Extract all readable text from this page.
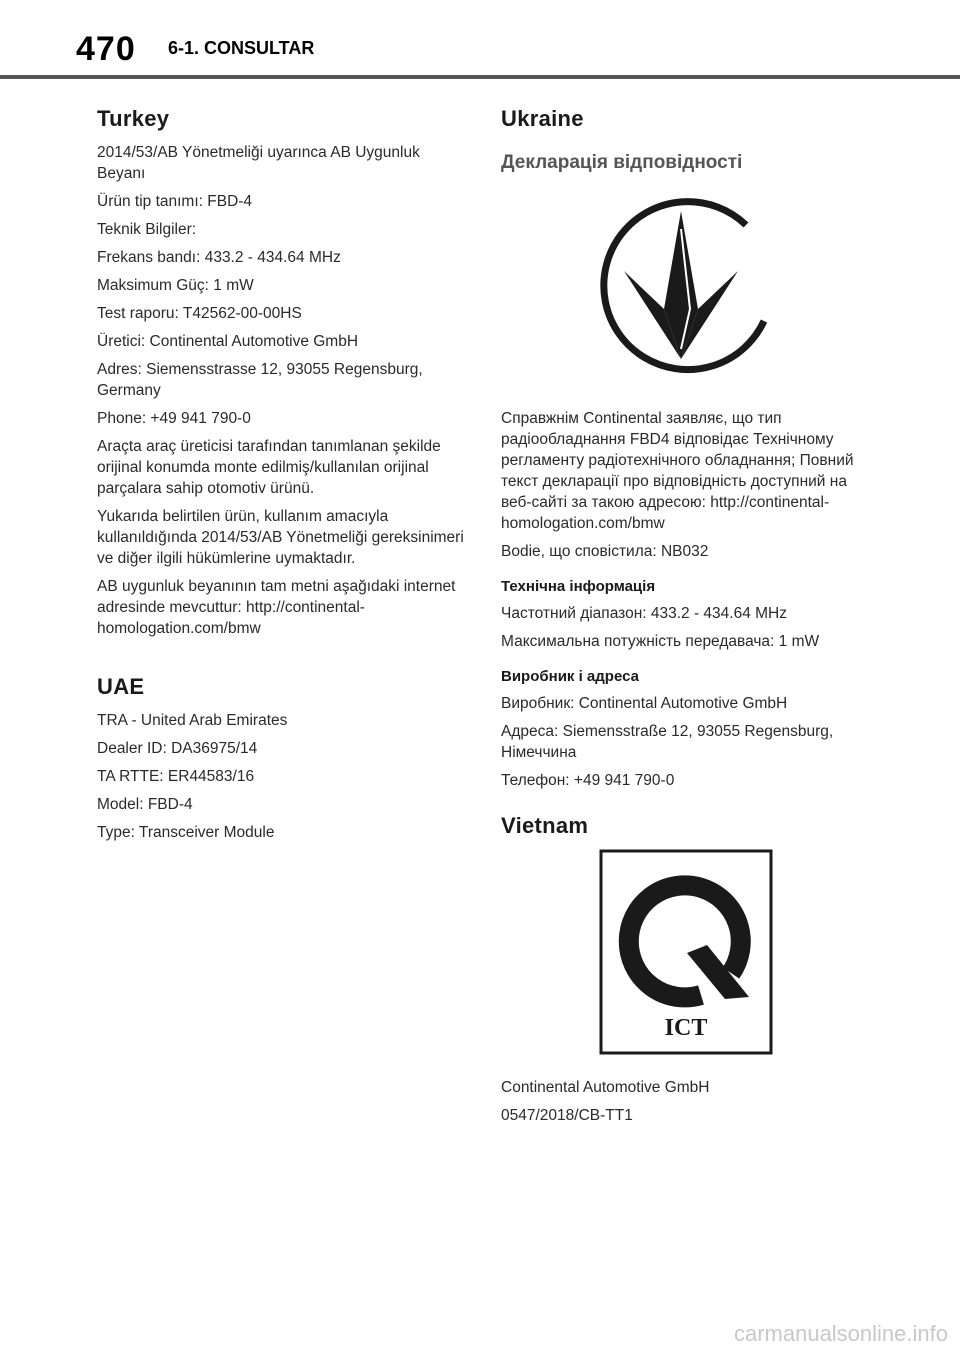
470 6-1. CONSULTAR
Turkey

2014/53/AB Yönetmeliği uyarınca AB Uygunluk Beyanı

Ürün tip tanımı: FBD-4

Teknik Bilgiler:

Frekans bandı: 433.2 - 434.64 MHz

Maksimum Güç: 1 mW

Test raporu: T42562-00-00HS

Üretici: Continental Automotive GmbH

Adres: Siemensstrasse 12, 93055 Regensburg, Germany

Phone: +49 941 790-0

Araçta araç üreticisi tarafından tanımlanan şekilde orijinal konumda monte edilmiş/kullanılan orijinal parçalara sahip otomotiv ürünü.

Yukarıda belirtilen ürün, kullanım amacıyla kullanıldığında 2014/53/AB Yönetmeliği gereksinimeri ve diğer ilgili hükümlerine uymaktadır.

AB uygunluk beyanının tam metni aşağıdaki internet adresinde mevcuttur: http://continental-homologation.com/bmw

UAE

TRA - United Arab Emirates

Dealer ID: DA36975/14

TA RTTE: ER44583/16

Model: FBD-4

Type: Transceiver Module

Ukraine
Декларація відповідності

Справжнім Continental заявляє, що тип радіообладнання FBD4 відповідає Технічному регламенту радіотехнічного обладнання; Повний текст декларації про відповідність доступний на веб-сайті за такою адресою: http://continental-homologation.com/bmw

Bodie, що сповістила: NB032

Технічна інформація

Частотний діапазон: 433.2 - 434.64 MHz

Максимальна потужність передавача: 1 mW

Виробник і адреса

Виробник: Continental Automotive GmbH

Адреса: Siemensstraße 12, 93055 Regensburg, Німеччина

Телефон: +49 941 790-0

Vietnam
ICT

Continental Automotive GmbH

0547/2018/CB-TT1

carmanualsonline.info
